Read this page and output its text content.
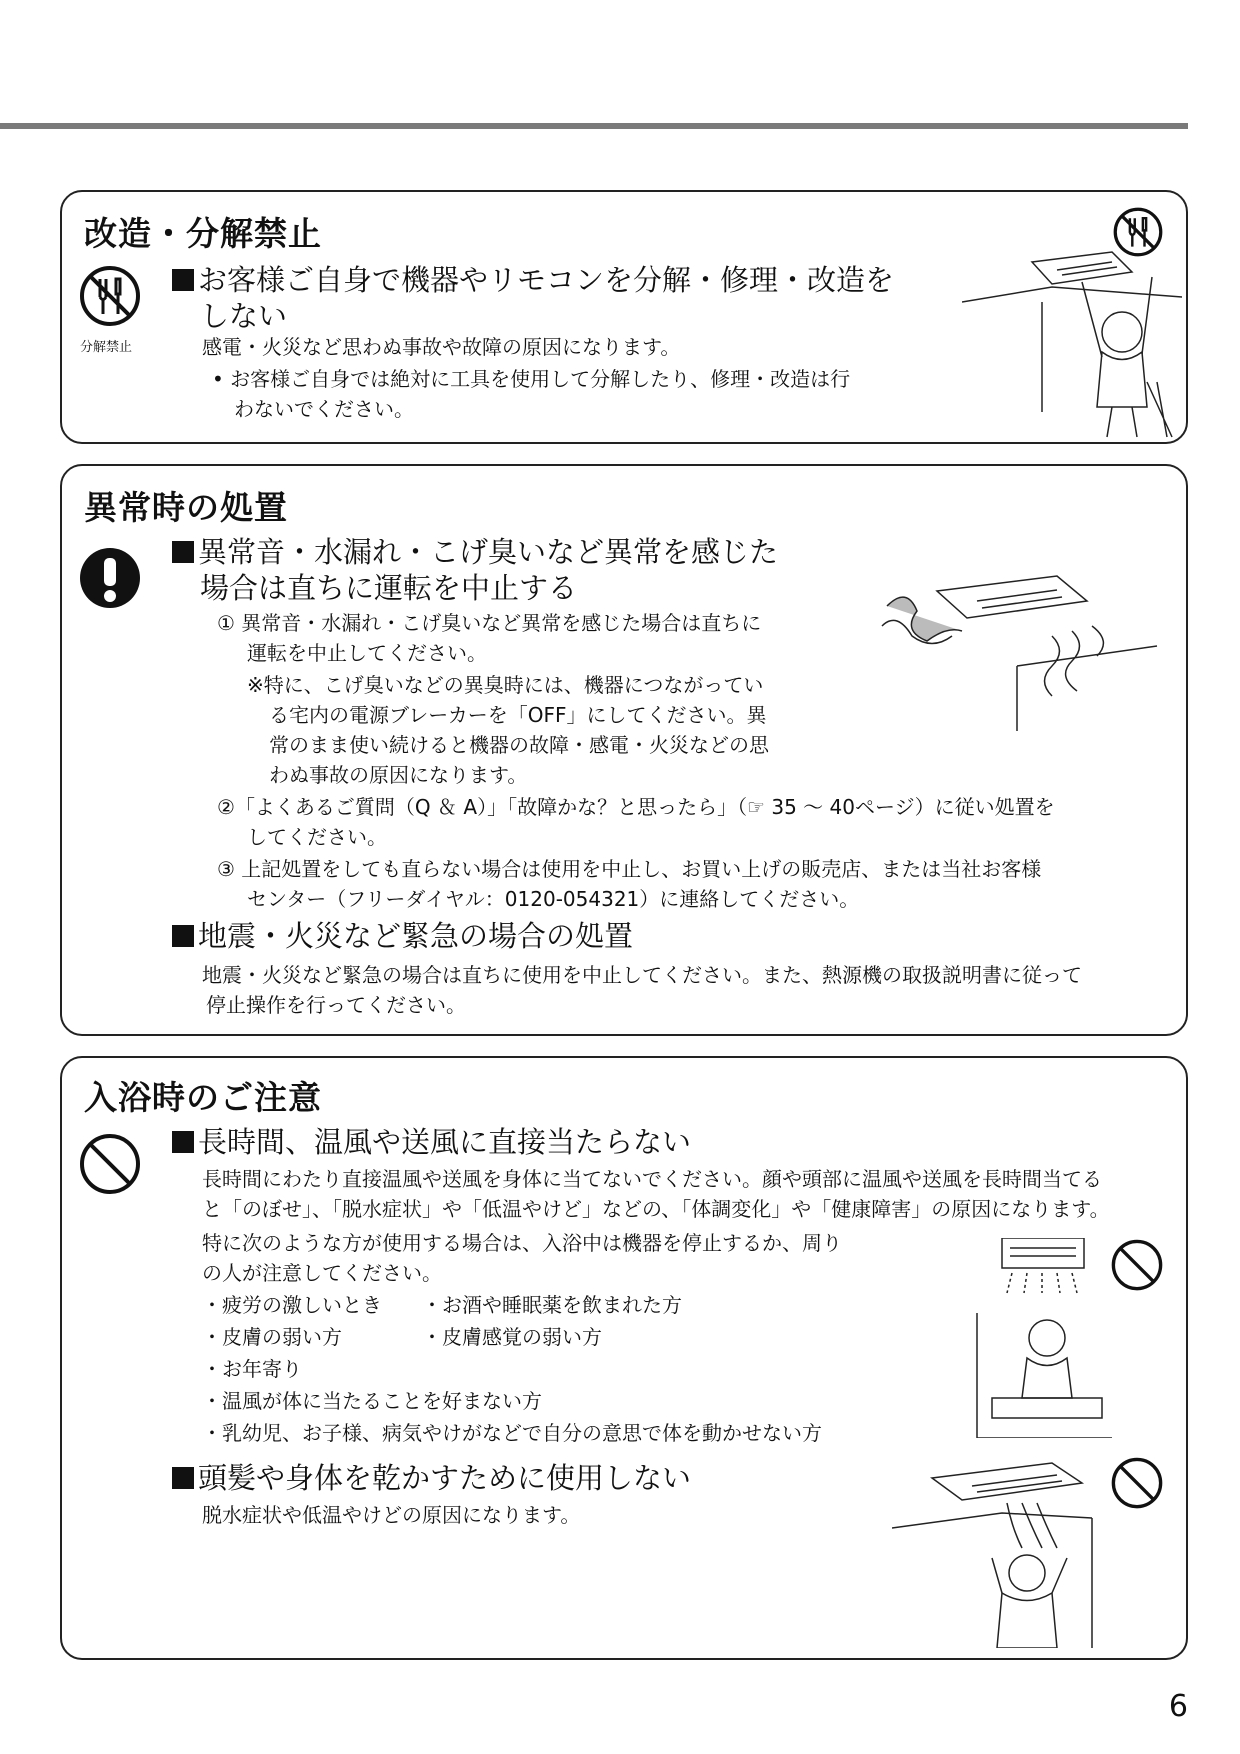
改造・分解禁止
分解禁止
お客様ご自身で機器やリモコンを分解・修理・改造を
しない
感電・火災など思わぬ事故や故障の原因になります。
• お客様ご自身では絶対に工具を使用して分解したり、修理・改造は行
わないでください。
異常時の処置
異常音・水漏れ・こげ臭いなど異常を感じた
場合は直ちに運転を中止する
① 異常音・水漏れ・こげ臭いなど異常を感じた場合は直ちに
運転を中止してください。
※特に、こげ臭いなどの異臭時には、機器につながってい
る宅内の電源ブレーカーを「OFF」にしてください。異
常のまま使い続けると機器の故障・感電・火災などの思
わぬ事故の原因になります。
②「よくあるご質問（Q ＆ A）」「故障かな？と思ったら」（☞ 35 ～ 40ページ）に従い処置を
してください。
③ 上記処置をしても直らない場合は使用を中止し、お買い上げの販売店、または当社お客様
センター（フリーダイヤル：0120-054321）に連絡してください。
地震・火災など緊急の場合の処置
地震・火災など緊急の場合は直ちに使用を中止してください。また、熱源機の取扱説明書に従って
停止操作を行ってください。
入浴時のご注意
長時間、温風や送風に直接当たらない
長時間にわたり直接温風や送風を身体に当てないでください。顔や頭部に温風や送風を長時間当てる
と「のぼせ」、「脱水症状」や「低温やけど」などの、「体調変化」や「健康障害」の原因になります。
特に次のような方が使用する場合は、入浴中は機器を停止するか、周り
の人が注意してください。
・疲労の激しいとき ・お酒や睡眠薬を飲まれた方
・皮膚の弱い方	・皮膚感覚の弱い方
・お年寄り
・温風が体に当たることを好まない方
・乳幼児、お子様、病気やけがなどで自分の意思で体を動かせない方
頭髪や身体を乾かすために使用しない
脱水症状や低温やけどの原因になります。
6
